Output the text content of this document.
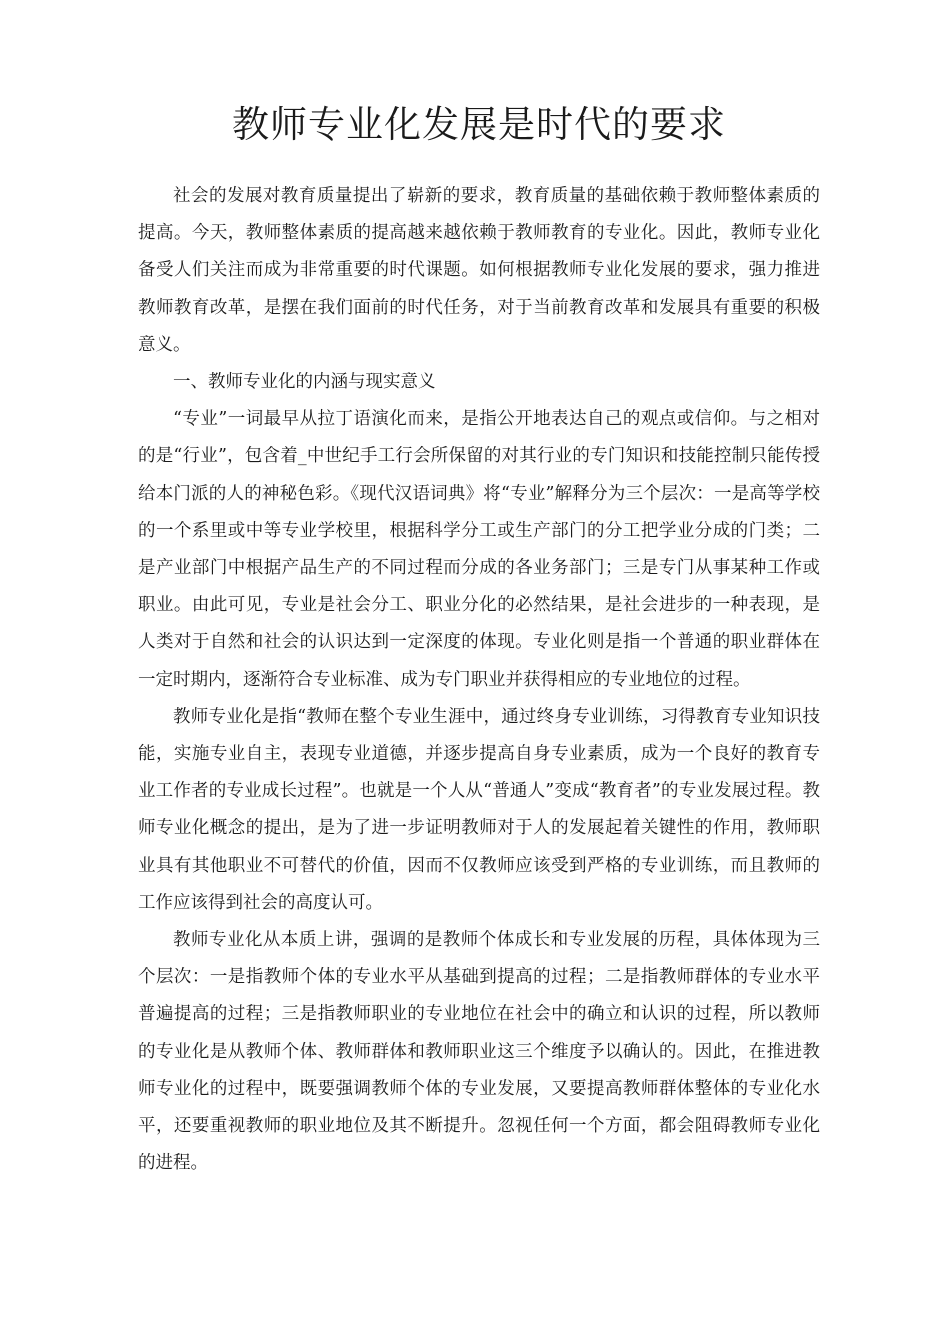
教师专业化发展是时代的要求

社会的发展对教育质量提出了崭新的要求，教育质量的基础依赖于教师整体素质的提高。今天，教师整体素质的提高越来越依赖于教师教育的专业化。因此，教师专业化备受人们关注而成为非常重要的时代课题。如何根据教师专业化发展的要求，强力推进教师教育改革，是摆在我们面前的时代任务，对于当前教育改革和发展具有重要的积极意义。

一、教师专业化的内涵与现实意义

“专业”一词最早从拉丁语演化而来，是指公开地表达自己的观点或信仰。与之相对的是“行业”，包含着_中世纪手工行会所保留的对其行业的专门知识和技能控制只能传授给本门派的人的神秘色彩。《现代汉语词典》将“专业”解释分为三个层次：一是高等学校的一个系里或中等专业学校里，根据科学分工或生产部门的分工把学业分成的门类；二是产业部门中根据产品生产的不同过程而分成的各业务部门；三是专门从事某种工作或职业。由此可见，专业是社会分工、职业分化的必然结果，是社会进步的一种表现，是人类对于自然和社会的认识达到一定深度的体现。专业化则是指一个普通的职业群体在一定时期内，逐渐符合专业标准、成为专门职业并获得相应的专业地位的过程。

教师专业化是指“教师在整个专业生涯中，通过终身专业训练，习得教育专业知识技能，实施专业自主，表现专业道德，并逐步提高自身专业素质，成为一个良好的教育专业工作者的专业成长过程”。也就是一个人从“普通人”变成“教育者”的专业发展过程。教师专业化概念的提出，是为了进一步证明教师对于人的发展起着关键性的作用，教师职业具有其他职业不可替代的价值，因而不仅教师应该受到严格的专业训练，而且教师的工作应该得到社会的高度认可。

教师专业化从本质上讲，强调的是教师个体成长和专业发展的历程，具体体现为三个层次：一是指教师个体的专业水平从基础到提高的过程；二是指教师群体的专业水平普遍提高的过程；三是指教师职业的专业地位在社会中的确立和认识的过程，所以教师的专业化是从教师个体、教师群体和教师职业这三个维度予以确认的。因此，在推进教师专业化的过程中，既要强调教师个体的专业发展，又要提高教师群体整体的专业化水平，还要重视教师的职业地位及其不断提升。忽视任何一个方面，都会阻碍教师专业化的进程。
